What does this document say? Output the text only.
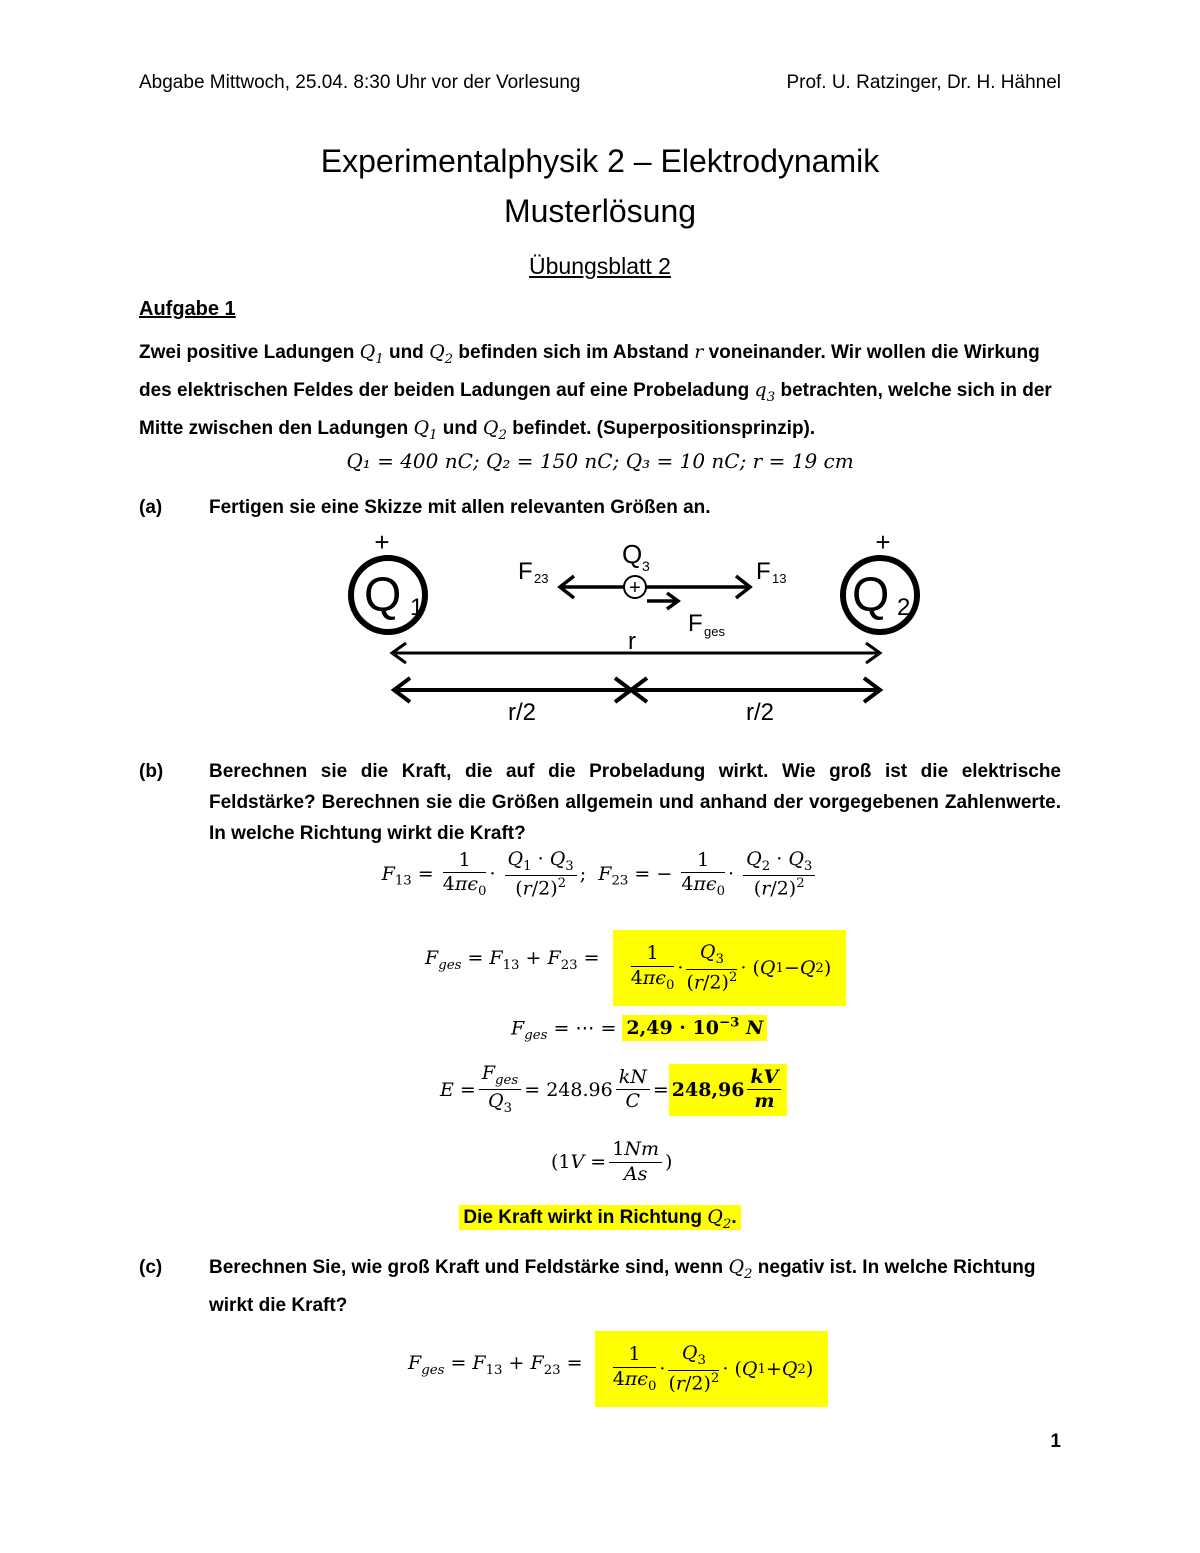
Abgabe Mittwoch, 25.04. 8:30 Uhr vor der Vorlesung	Prof. U. Ratzinger, Dr. H. Hähnel
Experimentalphysik 2 – Elektrodynamik
Musterlösung
Übungsblatt 2
Aufgabe 1
Zwei positive Ladungen $Q_1$ und $Q_2$ befinden sich im Abstand r voneinander. Wir wollen die Wirkung des elektrischen Feldes der beiden Ladungen auf eine Probeladung $q_3$ betrachten, welche sich in der Mitte zwischen den Ladungen $Q_1$ und $Q_2$ befindet. (Superpositionsprinzip).
Q₁ = 400 nC; Q₂ = 150 nC; Q₃ = 10 nC; r = 19 cm
(a)	Fertigen sie eine Skizze mit allen relevanten Größen an.
+
Q 1
+
Q 2
Q 3
+
F 23	F 13
F ges
r
r/2	r/2
(b)	Berechnen sie die Kraft, die auf die Probeladung wirkt. Wie groß ist die elektrische Feldstärke? Berechnen sie die Größen allgemein und anhand der vorgegebenen Zahlenwerte. In welche Richtung wirkt die Kraft?
$F_{13} = \frac{1}{4\pi\epsilon_0} \cdot \frac{Q_1 \cdot Q_3}{(r/2)^2}$ ;  $F_{23}$ = − $\frac{1}{4\pi\epsilon_0} \cdot \frac{Q_2 \cdot Q_3}{(r/2)^2}$
$F_{ges} = F_{13} + F_{23} = \frac{1}{4\pi\epsilon_0} \cdot \frac{Q_3}{(r/2)^2}$ · ( Q 1 − Q 2 )
$F_{ges}$ = ⋯ = $2,49 \cdot 10^{-3}$ N
$E = \frac{F_{ges}}{Q_3} = 248.96 \frac{kN}{C} = 248,96 \frac{kV}{m}$
(1 $V = \frac{1Nm}{As}$ )
Die Kraft wirkt in Richtung $Q_2$.
(c)	Berechnen Sie, wie groß Kraft und Feldstärke sind, wenn $Q_2$ negativ ist. In welche Richtung wirkt die Kraft?
$F_{ges} = F_{13} + F_{23} = \frac{1}{4\pi\epsilon_0} \cdot \frac{Q_3}{(r/2)^2}$ · ( Q 1 + Q 2 )
1
